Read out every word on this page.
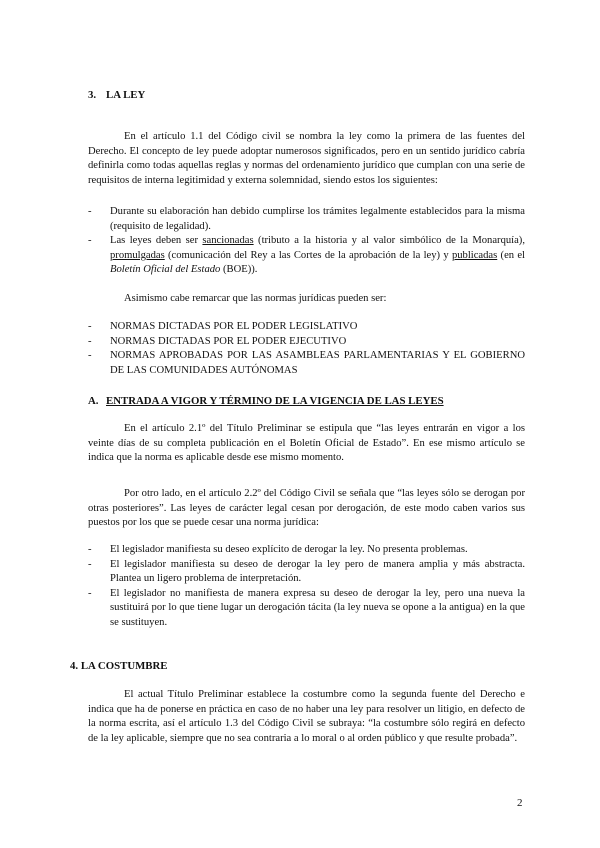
3. LA LEY

En el artículo 1.1 del Código civil se nombra la ley como la primera de las fuentes del Derecho. El concepto de ley puede adoptar numerosos significados, pero en un sentido jurídico cabría definirla como todas aquellas reglas y normas del ordenamiento jurídico que cumplan con una serie de requisitos de interna legitimidad y externa solemnidad, siendo estos los siguientes:

- Durante su elaboración han debido cumplirse los trámites legalmente establecidos para la misma (requisito de legalidad).
- Las leyes deben ser sancionadas (tributo a la historia y al valor simbólico de la Monarquía), promulgadas (comunicación del Rey a las Cortes de la aprobación de la ley) y publicadas (en el Boletín Oficial del Estado (BOE)).

Asimismo cabe remarcar que las normas jurídicas pueden ser:

- NORMAS DICTADAS POR EL PODER LEGISLATIVO
- NORMAS DICTADAS POR EL PODER EJECUTIVO
- NORMAS APROBADAS POR LAS ASAMBLEAS PARLAMENTARIAS Y EL GOBIERNO DE LAS COMUNIDADES AUTÓNOMAS
A. ENTRADA A VIGOR Y TÉRMINO DE LA VIGENCIA DE LAS LEYES

En el artículo 2.1º del Título Preliminar se estipula que “las leyes entrarán en vigor a los veinte días de su completa publicación en el Boletín Oficial de Estado”. En ese mismo artículo se indica que la norma es aplicable desde ese mismo momento.

Por otro lado, en el artículo 2.2º del Código Civil se señala que “las leyes sólo se derogan por otras posteriores”. Las leyes de carácter legal cesan por derogación, de este modo caben varios sus puestos por los que se puede cesar una norma jurídica:

- El legislador manifiesta su deseo explícito de derogar la ley. No presenta problemas.
- El legislador manifiesta su deseo de derogar la ley pero de manera amplia y más abstracta. Plantea un ligero problema de interpretación.
- El legislador no manifiesta de manera expresa su deseo de derogar la ley, pero una nueva la sustituirá por lo que tiene lugar un derogación tácita (la ley nueva se opone a la antigua) en la que se sustituyen.
4. LA COSTUMBRE

El actual Título Preliminar establece la costumbre como la segunda fuente del Derecho e indica que ha de ponerse en práctica en caso de no haber una ley para resolver un litigio, en defecto de la norma escrita, así el artículo 1.3 del Código Civil se subraya: “la costumbre sólo regirá en defecto de la ley aplicable, siempre que no sea contraria a lo moral o al orden público y que resulte probada”.

2
